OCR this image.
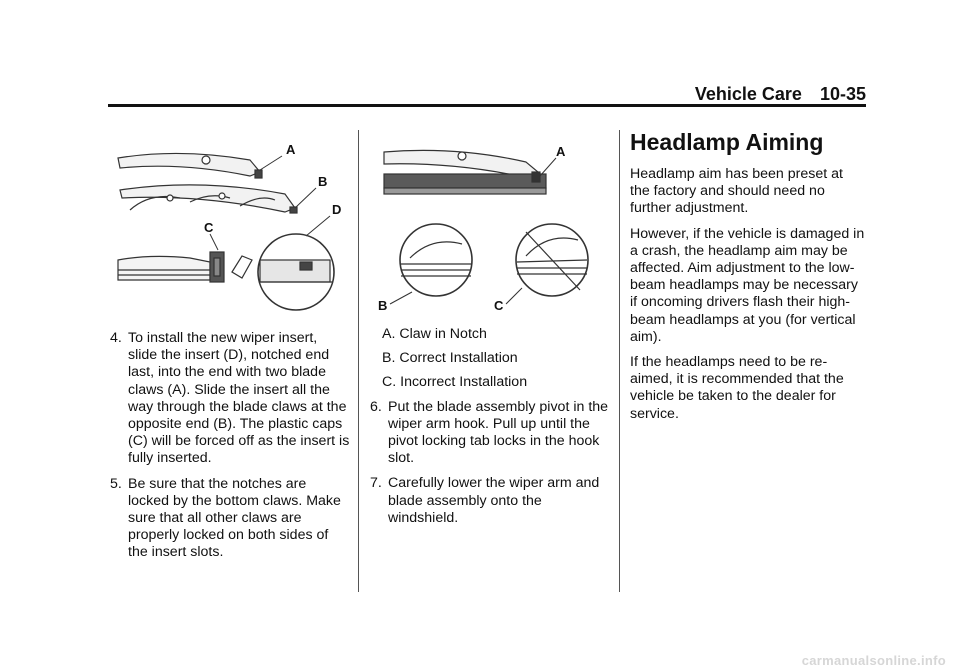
Vehicle Care 10-35
A
B
D
C
A
B	C
4. To install the new wiper insert, slide the insert (D), notched end last, into the end with two blade claws (A). Slide the insert all the way through the blade claws at the opposite end (B). The plastic caps (C) will be forced off as the insert is fully inserted.
5. Be sure that the notches are locked by the bottom claws. Make sure that all other claws are properly locked on both sides of the insert slots.
A. Claw in Notch
B. Correct Installation
C. Incorrect Installation
6. Put the blade assembly pivot in the wiper arm hook. Pull up until the pivot locking tab locks in the hook slot.
7. Carefully lower the wiper arm and blade assembly onto the windshield.
Headlamp Aiming

Headlamp aim has been preset at the factory and should need no further adjustment.

However, if the vehicle is damaged in a crash, the headlamp aim may be affected. Aim adjustment to the low-beam headlamps may be necessary if oncoming drivers flash their high-beam headlamps at you (for vertical aim).

If the headlamps need to be re-aimed, it is recommended that the vehicle be taken to the dealer for service.

carmanualsonline.info
